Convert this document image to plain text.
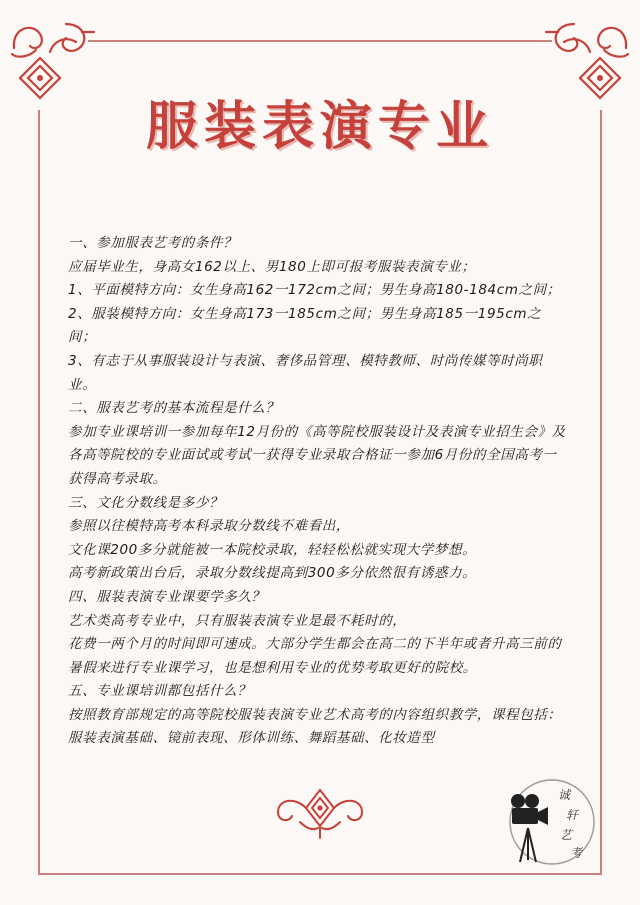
服装表演专业

一、参加服表艺考的条件？

应届毕业生，身高女162以上、男180上即可报考服装表演专业；

1、平面模特方向：女生身高162一172cm之间；男生身高180-184cm之间；2、服装模特方向：女生身高173一185cm之间；男生身高185一195cm之间；

3、有志于从事服装设计与表演、奢侈品管理、模特教师、时尚传媒等时尚职业。

二、服表艺考的基本流程是什么？

参加专业课培训一参加每年12月份的《高等院校服装设计及表演专业招生会》及各高等院校的专业面试或考试一获得专业录取合格证一参加6月份的全国高考一获得高考录取。

三、文化分数线是多少？

参照以往模特高考本科录取分数线不难看出，

文化课200多分就能被一本院校录取，轻轻松松就实现大学梦想。

高考新政策出台后，录取分数线提高到300多分依然很有诱惑力。

四、服装表演专业课要学多久？

艺术类高考专业中，只有服装表演专业是最不耗时的，

花费一两个月的时间即可速成。大部分学生都会在高二的下半年或者升高三前的暑假来进行专业课学习，也是想利用专业的优势考取更好的院校。

五、专业课培训都包括什么？

按照教育部规定的高等院校服装表演专业艺术高考的内容组织教学，课程包括：服装表演基础、镜前表现、形体训练、舞蹈基础、化妆造型

诚
轩
艺
考
